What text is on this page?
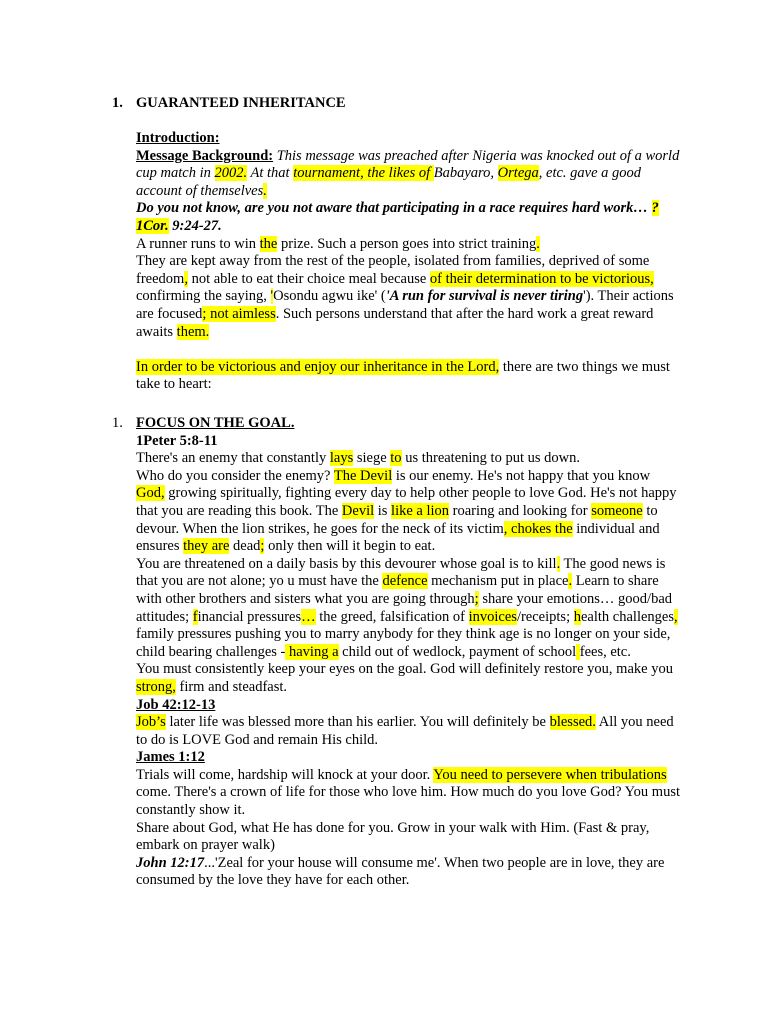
1. GUARANTEED INHERITANCE

Introduction:

Message Background: This message was preached after Nigeria was knocked out of a world cup match in 2002. At that tournament, the likes of Babayaro, Ortega, etc. gave a good account of themselves.

Do you not know, are you not aware that participating in a race requires hard work… ? 1Cor. 9:24-27.

A runner runs to win the prize. Such a person goes into strict training.

They are kept away from the rest of the people, isolated from families, deprived of some freedom, not able to eat their choice meal because of their determination to be victorious, confirming the saying, 'Osondu agwu ike' ('A run for survival is never tiring'). Their actions are focused; not aimless. Such persons understand that after the hard work a great reward awaits them.

In order to be victorious and enjoy our inheritance in the Lord, there are two things we must take to heart:

1. FOCUS ON THE GOAL.

1Peter 5:8-11

There's an enemy that constantly lays siege to us threatening to put us down.

Who do you consider the enemy? The Devil is our enemy. He's not happy that you know God, growing spiritually, fighting every day to help other people to love God. He's not happy that you are reading this book. The Devil is like a lion roaring and looking for someone to devour. When the lion strikes, he goes for the neck of its victim, chokes the individual and ensures they are dead; only then will it begin to eat.

You are threatened on a daily basis by this devourer whose goal is to kill. The good news is that you are not alone; yo u must have the defence mechanism put in place. Learn to share with other brothers and sisters what you are going through; share your emotions… good/bad attitudes; financial pressures… the greed, falsification of invoices/receipts; health challenges, family pressures pushing you to marry anybody for they think age is no longer on your side, child bearing challenges - having a child out of wedlock, payment of school fees, etc.

You must consistently keep your eyes on the goal. God will definitely restore you, make you strong, firm and steadfast.

Job 42:12-13

Job’s later life was blessed more than his earlier. You will definitely be blessed. All you need to do is LOVE God and remain His child.

James 1:12

Trials will come, hardship will knock at your door. You need to persevere when tribulations come. There's a crown of life for those who love him. How much do you love God? You must constantly show it.

Share about God, what He has done for you. Grow in your walk with Him. (Fast & pray, embark on prayer walk)

John 12:17...'Zeal for your house will consume me'. When two people are in love, they are consumed by the love they have for each other.
